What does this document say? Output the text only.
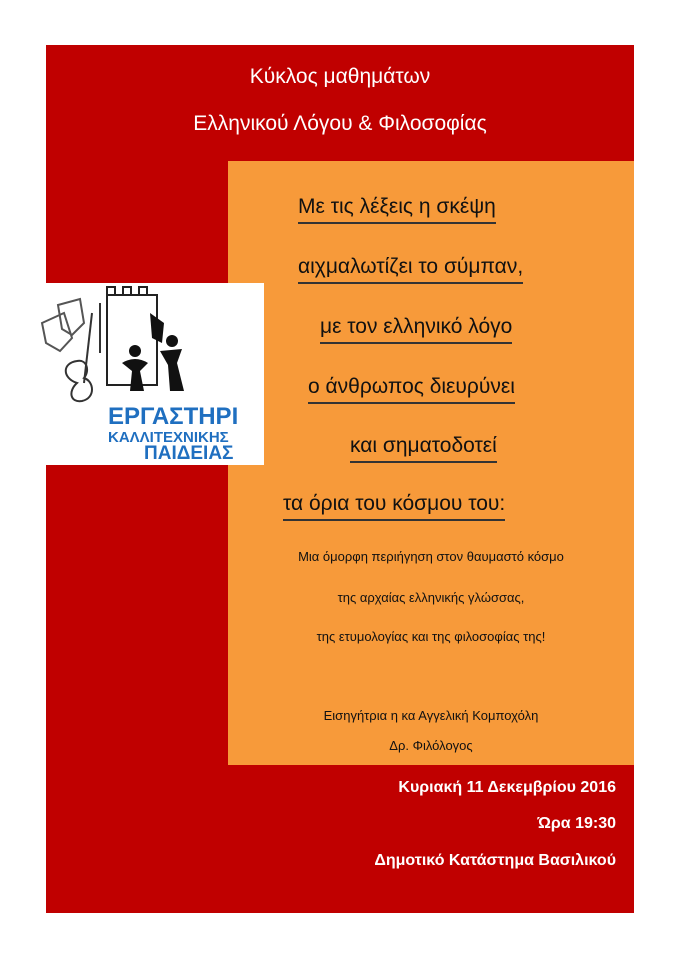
Κύκλος μαθημάτων
Ελληνικού Λόγου & Φιλοσοφίας
ΕΡΓΑΣΤΗΡΙ
ΚΑΛΛΙΤΕΧΝΙΚΗΣ
ΠΑΙΔΕΙΑΣ
Με τις λέξεις η σκέψη
αιχμαλωτίζει το σύμπαν,
με τον ελληνικό λόγο
ο άνθρωπος διευρύνει
και σηματοδοτεί
τα όρια του κόσμου του:
Μια όμορφη περιήγηση στον θαυμαστό κόσμο
της αρχαίας ελληνικής γλώσσας,
της ετυμολογίας και της φιλοσοφίας της!
Εισηγήτρια η κα Αγγελική Κομποχόλη
Δρ. Φιλόλογος
Κυριακή 11 Δεκεμβρίου 2016
Ώρα 19:30
Δημοτικό Κατάστημα Βασιλικού
